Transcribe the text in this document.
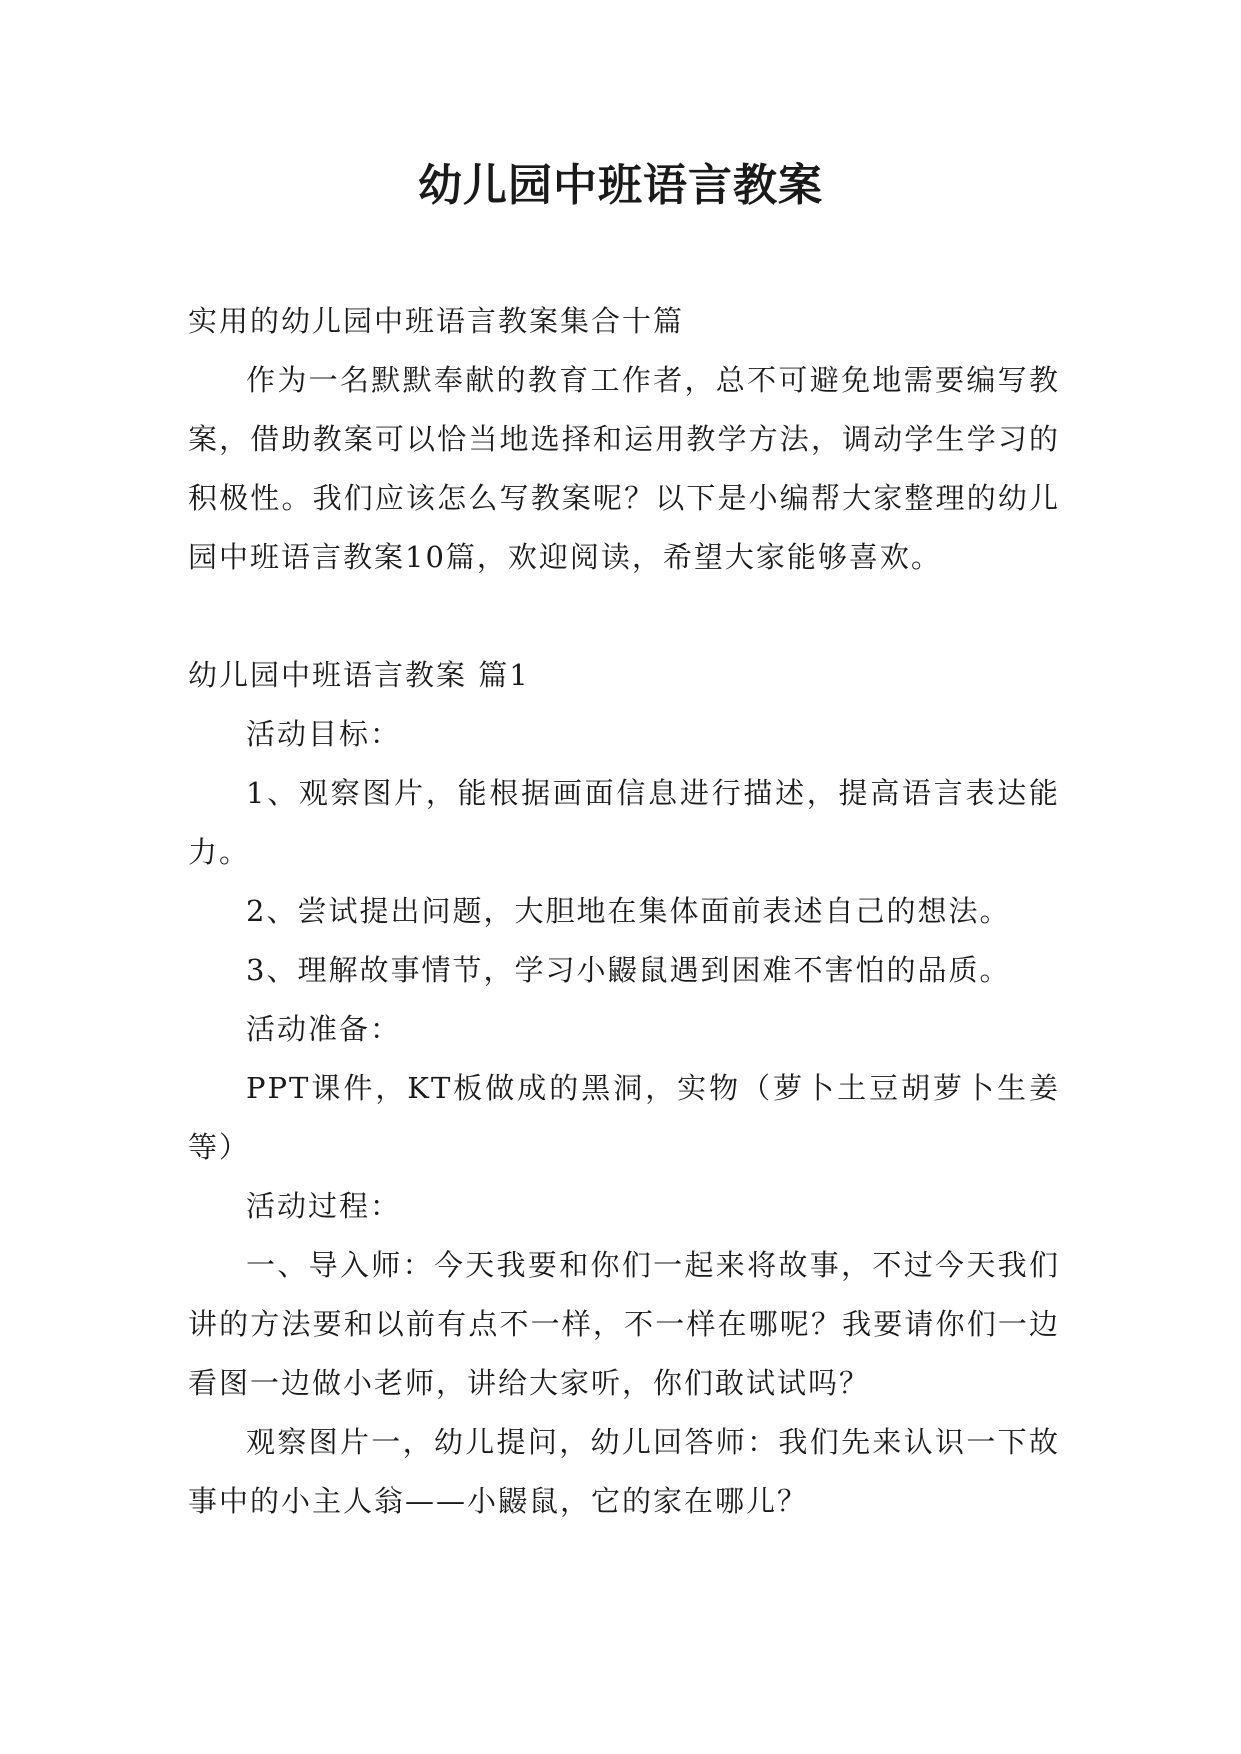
幼儿园中班语言教案

实用的幼儿园中班语言教案集合十篇

作为一名默默奉献的教育工作者，总不可避免地需要编写教案，借助教案可以恰当地选择和运用教学方法，调动学生学习的积极性。我们应该怎么写教案呢？以下是小编帮大家整理的幼儿园中班语言教案10篇，欢迎阅读，希望大家能够喜欢。

幼儿园中班语言教案 篇1

活动目标：

1、观察图片，能根据画面信息进行描述，提高语言表达能力。

2、尝试提出问题，大胆地在集体面前表述自己的想法。

3、理解故事情节，学习小鼹鼠遇到困难不害怕的品质。

活动准备：

PPT课件，KT板做成的黑洞，实物（萝卜土豆胡萝卜生姜等）

活动过程：

一、导入师：今天我要和你们一起来将故事，不过今天我们讲的方法要和以前有点不一样，不一样在哪呢？我要请你们一边看图一边做小老师，讲给大家听，你们敢试试吗？

观察图片一，幼儿提问，幼儿回答师：我们先来认识一下故事中的小主人翁——小鼹鼠，它的家在哪儿？
